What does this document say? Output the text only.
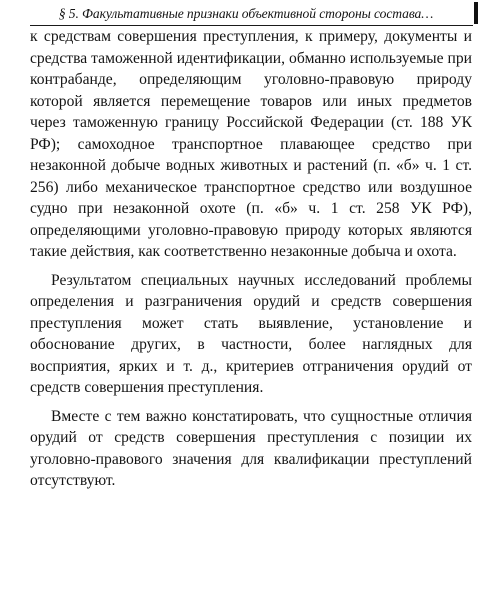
§ 5. Факультативные признаки объективной стороны состава…

к средствам совершения преступления, к примеру, документы и средства таможенной идентификации, обманно используемые при контрабанде, определяющим уголовно-правовую природу которой является перемещение товаров или иных предметов через таможенную границу Российской Федерации (ст. 188 УК РФ); самоходное транспортное плавающее средство при незаконной добыче водных животных и растений (п. «б» ч. 1 ст. 256) либо механическое транспортное средство или воздушное судно при незаконной охоте (п. «б» ч. 1 ст. 258 УК РФ), определяющими уголовно-правовую природу которых являются такие действия, как соответственно незаконные добыча и охота.

Результатом специальных научных исследований проблемы определения и разграничения орудий и средств совершения преступления может стать выявление, установление и обоснование других, в частности, более наглядных для восприятия, ярких и т. д., критериев отграничения орудий от средств совершения преступления.

Вместе с тем важно констатировать, что сущностные отличия орудий от средств совершения преступления с позиции их уголовно-правового значения для квалификации преступлений отсутствуют.
